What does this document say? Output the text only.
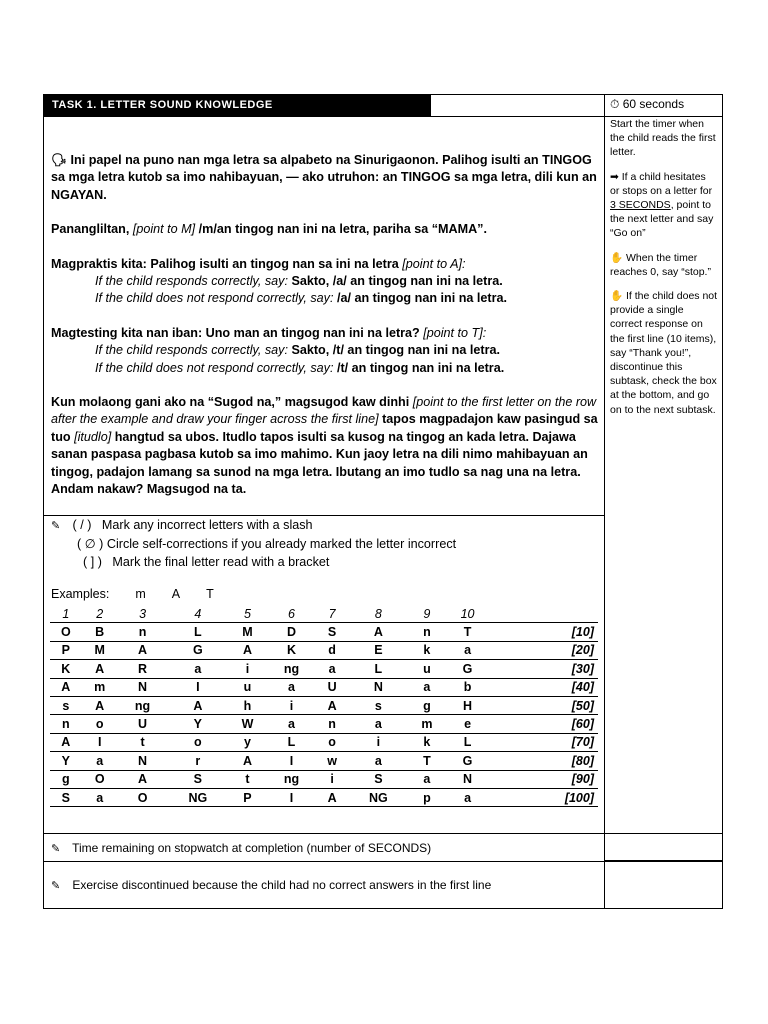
TASK 1. LETTER SOUND KNOWLEDGE	⏱ 60 seconds

Start the timer when the child reads the first letter.

➡ If a child hesitates or stops on a letter for 3 SECONDS, point to the next letter and say “Go on”

✋ When the timer reaches 0, say “stop.”

✋ If the child does not provide a single correct response on the first line (10 items), say “Thank you!”, discontinue this subtask, check the box at the bottom, and go on to the next subtask.

🗣 Ini papel na puno nan mga letra sa alpabeto na Sinurigaonon. Palihog isulti an TINGOG sa mga letra kutob sa imo nahibayuan, — ako utruhon: an TINGOG sa mga letra, dili kun an NGAYAN.

Panangliltan, [point to M] /m/an tingog nan ini na letra, pariha sa “MAMA”.

Magpraktis kita: Palihog isulti an tingog nan sa ini na letra [point to A]:
If the child responds correctly, say: Sakto, /a/ an tingog nan ini na letra.
If the child does not respond correctly, say: /a/ an tingog nan ini na letra.

Magtesting kita nan iban: Uno man an tingog nan ini na letra? [point to T]:
If the child responds correctly, say: Sakto, /t/ an tingog nan ini na letra.
If the child does not respond correctly, say: /t/ an tingog nan ini na letra.

Kun molaong gani ako na “Sugod na,” magsugod kaw dinhi [point to the first letter on the row after the example and draw your finger across the first line] tapos magpadajon kaw pasingud sa tuo [itudlo] hangtud sa ubos. Itudlo tapos isulti sa kusog na tingog an kada letra. Dajawa sanan paspasa pagbasa kutob sa imo mahimo. Kun jaoy letra na dili nimo mahibayuan an tingog, padajon lamang sa sunod na mga letra. Ibutang an imo tudlo sa nag una na letra. Andam nakaw? Magsugod na ta.

✎ ( / ) Mark any incorrect letters with a slash
( ∅ ) Circle self-corrections if you already marked the letter incorrect
( ] ) Mark the final letter read with a bracket
Examples: m A T
1	2	3	4	5	6	7	8	9	10	
O	B	n	L	M	D	S	A	n	T	[10]
P	M	A	G	A	K	d	E	k	a	[20]
K	A	R	a	i	ng	a	L	u	G	[30]
A	m	N	I	u	a	U	N	a	b	[40]
s	A	ng	A	h	i	A	s	g	H	[50]
n	o	U	Y	W	a	n	a	m	e	[60]
A	I	t	o	y	L	o	i	k	L	[70]
Y	a	N	r	A	I	w	a	T	G	[80]
g	O	A	S	t	ng	i	S	a	N	[90]
S	a	O	NG	P	I	A	NG	p	a	[100]
✎ Time remaining on stopwatch at completion (number of SECONDS)
✎ Exercise discontinued because the child had no correct answers in the first line
